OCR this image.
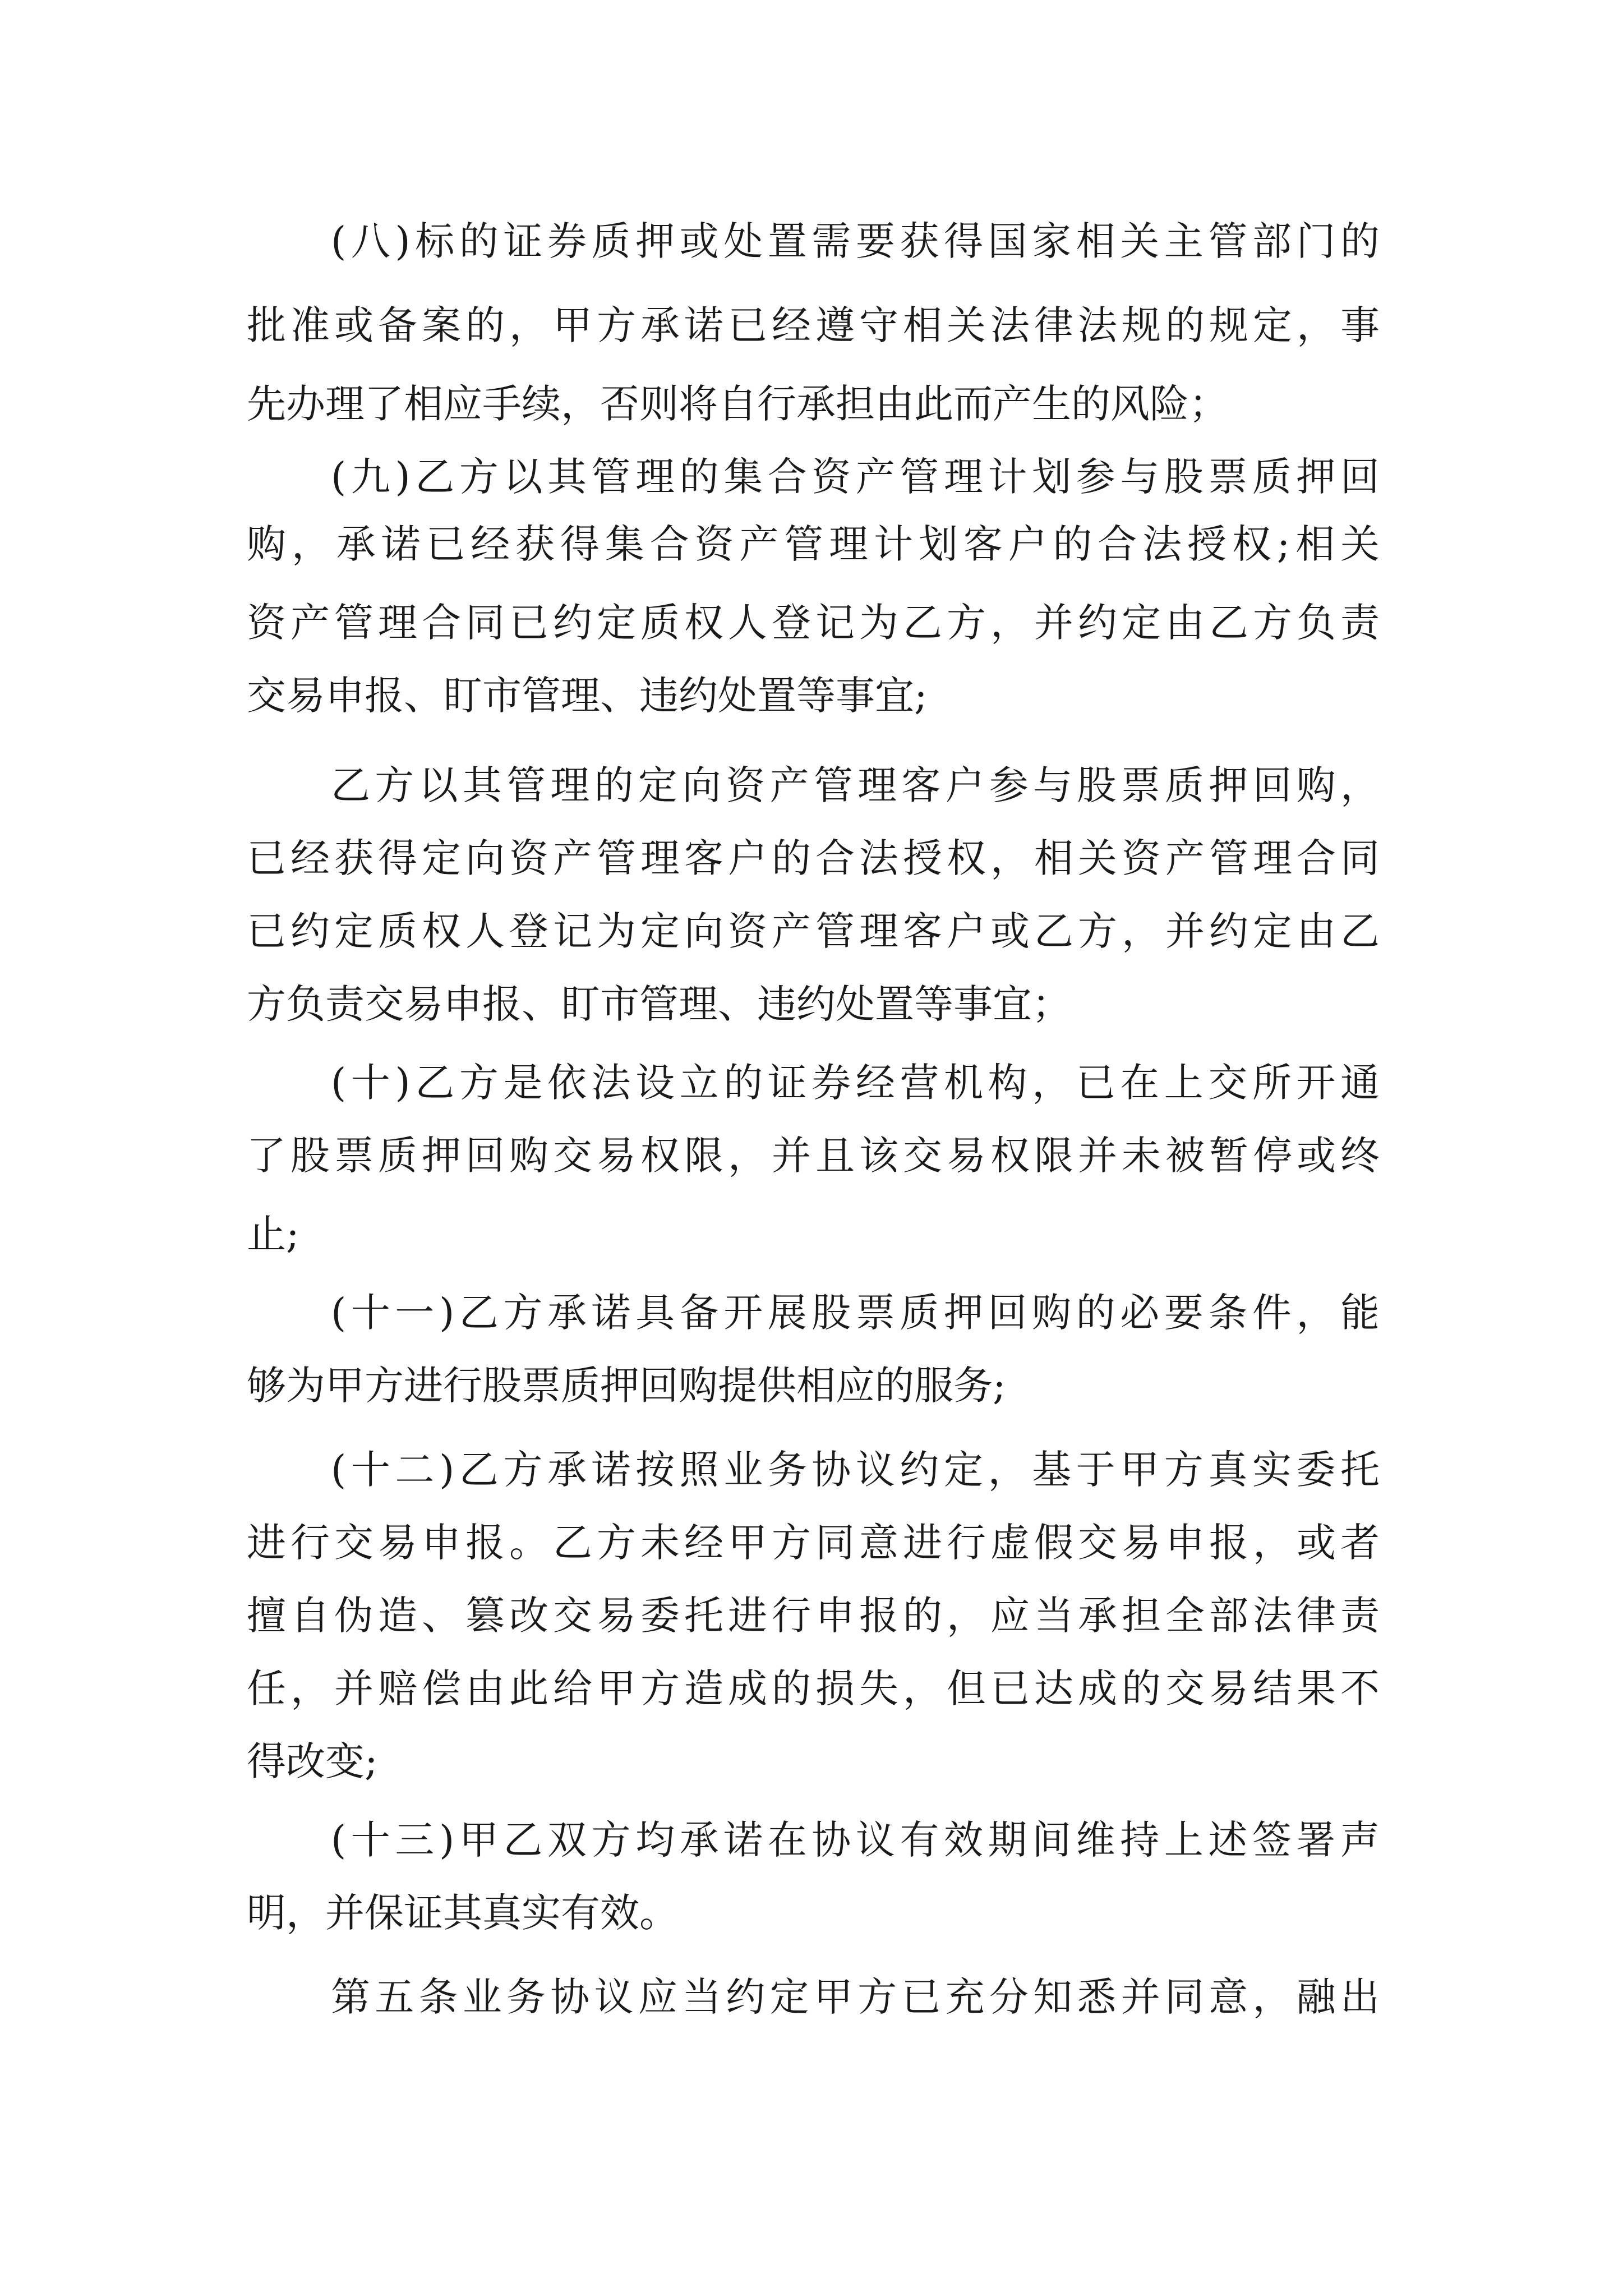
(八)标的证券质押或处置需要获得国家相关主管部门的
批准或备案的，甲方承诺已经遵守相关法律法规的规定，事
先办理了相应手续，否则将自行承担由此而产生的风险；
(九)乙方以其管理的集合资产管理计划参与股票质押回
购，承诺已经获得集合资产管理计划客户的合法授权;相关
资产管理合同已约定质权人登记为乙方，并约定由乙方负责
交易申报、盯市管理、违约处置等事宜;
乙方以其管理的定向资产管理客户参与股票质押回购，
已经获得定向资产管理客户的合法授权，相关资产管理合同
已约定质权人登记为定向资产管理客户或乙方，并约定由乙
方负责交易申报、盯市管理、违约处置等事宜；
(十)乙方是依法设立的证券经营机构，已在上交所开通
了股票质押回购交易权限，并且该交易权限并未被暂停或终
止;
(十一)乙方承诺具备开展股票质押回购的必要条件，能
够为甲方进行股票质押回购提供相应的服务;
(十二)乙方承诺按照业务协议约定，基于甲方真实委托
进行交易申报。乙方未经甲方同意进行虚假交易申报，或者
擅自伪造、篡改交易委托进行申报的，应当承担全部法律责
任，并赔偿由此给甲方造成的损失，但已达成的交易结果不
得改变;
(十三)甲乙双方均承诺在协议有效期间维持上述签署声
明，并保证其真实有效。
第五条业务协议应当约定甲方已充分知悉并同意，融出
